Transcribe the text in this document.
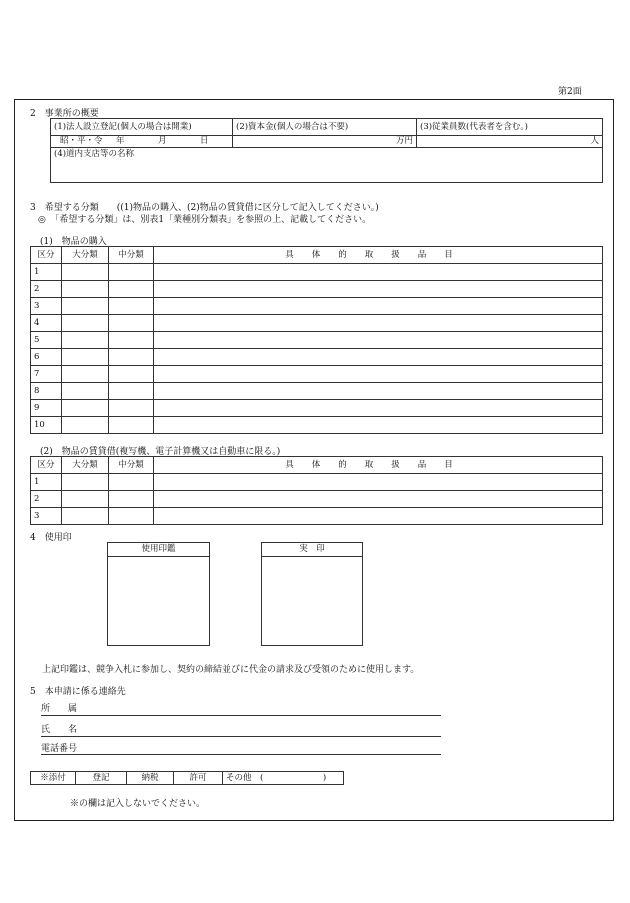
第2面
2　事業所の概要
(1)法人設立登記(個人の場合は開業)	(2)資本金(個人の場合は不要)	(3)従業員数(代表者を含む。)
昭・平・令 年 月 日	万円	人
(4)道内支店等の名称		
3　希望する分類　　((1)物品の購入、(2)物品の賃貸借に区分して記入してください。)
◎　「希望する分類」は、別表1「業種別分類表」を参照の上、記載してください。
(1)　物品の購入
区分	大分類	中分類	具体的取扱品目
1			
2			
3			
4			
5			
6			
7			
8			
9			
10			
(2)　物品の賃貸借(複写機、電子計算機又は自動車に限る。)
区分	大分類	中分類	具体的取扱品目
1			
2			
3			
4　使用印
使用印鑑	実　印
上記印鑑は、競争入札に参加し、契約の締結並びに代金の請求及び受領のために使用します。
5　本申請に係る連絡先
所　　属
氏　　名
電話番号
※添付	登記	納税	許可	その他　(　　　　　　　)
※の欄は記入しないでください。
